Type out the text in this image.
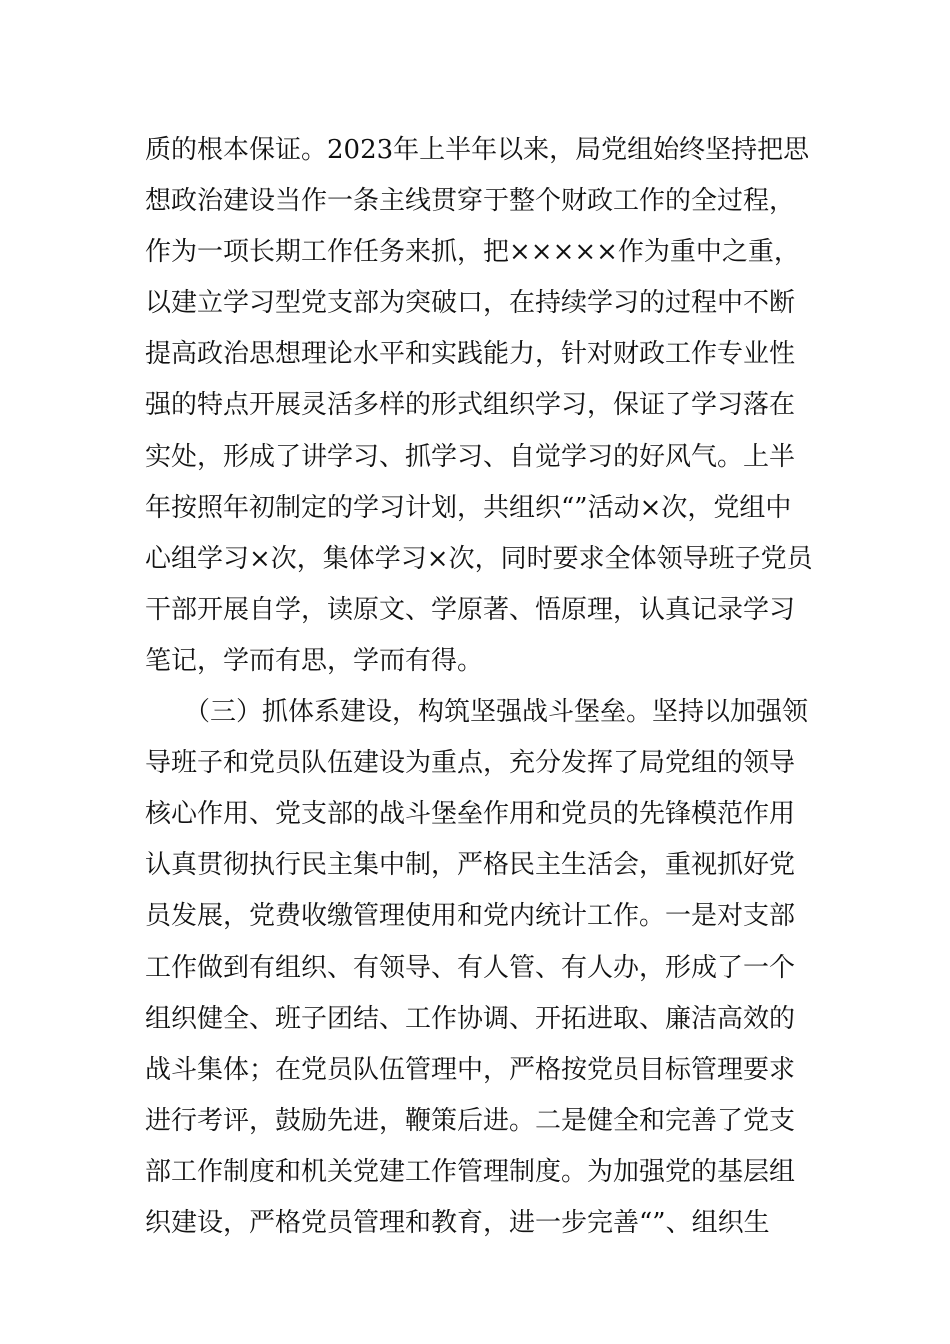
质的根本保证。2023年上半年以来，局党组始终坚持把思
想政治建设当作一条主线贯穿于整个财政工作的全过程，
作为一项长期工作任务来抓，把×××××作为重中之重，
以建立学习型党支部为突破口，在持续学习的过程中不断
提高政治思想理论水平和实践能力，针对财政工作专业性
强的特点开展灵活多样的形式组织学习，保证了学习落在
实处，形成了讲学习、抓学习、自觉学习的好风气。上半
年按照年初制定的学习计划，共组织“”活动×次，党组中
心组学习×次，集体学习×次，同时要求全体领导班子党员
干部开展自学，读原文、学原著、悟原理，认真记录学习
笔记，学而有思，学而有得。
　　（三）抓体系建设，构筑坚强战斗堡垒。坚持以加强领
导班子和党员队伍建设为重点，充分发挥了局党组的领导
核心作用、党支部的战斗堡垒作用和党员的先锋模范作用
认真贯彻执行民主集中制，严格民主生活会，重视抓好党
员发展，党费收缴管理使用和党内统计工作。一是对支部
工作做到有组织、有领导、有人管、有人办，形成了一个
组织健全、班子团结、工作协调、开拓进取、廉洁高效的
战斗集体；在党员队伍管理中，严格按党员目标管理要求
进行考评，鼓励先进，鞭策后进。二是健全和完善了党支
部工作制度和机关党建工作管理制度。为加强党的基层组
织建设，严格党员管理和教育，进一步完善“”、组织生
